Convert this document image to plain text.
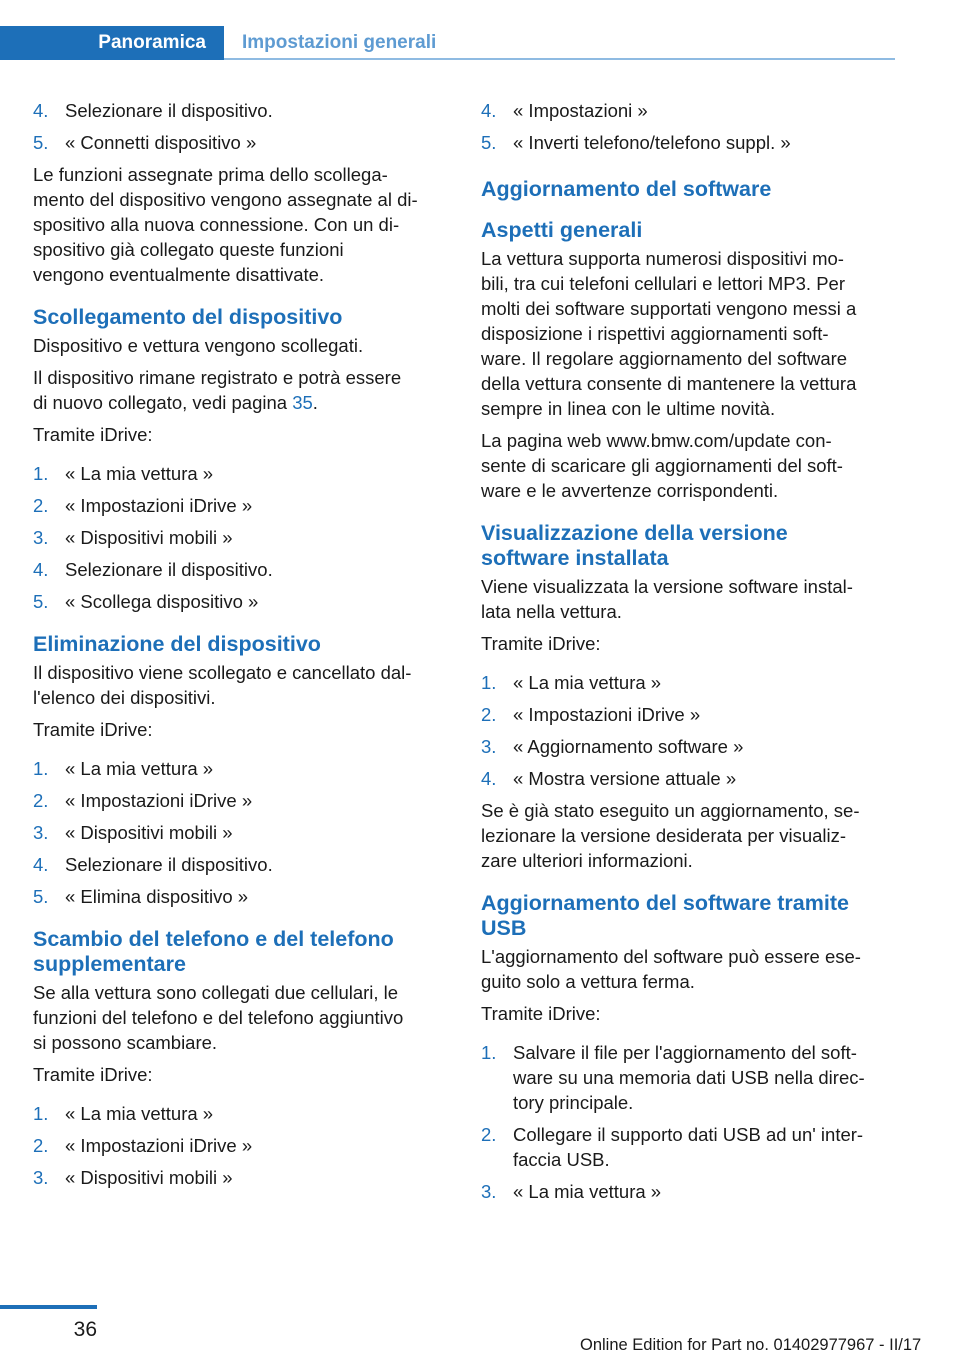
Panoramica	Impostazioni generali
4. Selezionare il dispositivo.
5. « Connetti dispositivo »
Le funzioni assegnate prima dello scollega-
mento del dispositivo vengono assegnate al di-
spositivo alla nuova connessione. Con un di-
spositivo già collegato queste funzioni
vengono eventualmente disattivate.
Scollegamento del dispositivo
Dispositivo e vettura vengono scollegati.
Il dispositivo rimane registrato e potrà essere
di nuovo collegato, vedi pagina 35.
Tramite iDrive:
1. « La mia vettura »
2. « Impostazioni iDrive »
3. « Dispositivi mobili »
4. Selezionare il dispositivo.
5. « Scollega dispositivo »
Eliminazione del dispositivo
Il dispositivo viene scollegato e cancellato dal-
l'elenco dei dispositivi.
Tramite iDrive:
1. « La mia vettura »
2. « Impostazioni iDrive »
3. « Dispositivi mobili »
4. Selezionare il dispositivo.
5. « Elimina dispositivo »
Scambio del telefono e del telefono
supplementare
Se alla vettura sono collegati due cellulari, le
funzioni del telefono e del telefono aggiuntivo
si possono scambiare.
Tramite iDrive:
1. « La mia vettura »
2. « Impostazioni iDrive »
3. « Dispositivi mobili »
4. « Impostazioni »
5. « Inverti telefono/telefono suppl. »
Aggiornamento del software
Aspetti generali
La vettura supporta numerosi dispositivi mo-
bili, tra cui telefoni cellulari e lettori MP3. Per
molti dei software supportati vengono messi a
disposizione i rispettivi aggiornamenti soft-
ware. Il regolare aggiornamento del software
della vettura consente di mantenere la vettura
sempre in linea con le ultime novità.
La pagina web www.bmw.com/update con-
sente di scaricare gli aggiornamenti del soft-
ware e le avvertenze corrispondenti.
Visualizzazione della versione
software installata
Viene visualizzata la versione software instal-
lata nella vettura.
Tramite iDrive:
1. « La mia vettura »
2. « Impostazioni iDrive »
3. « Aggiornamento software »
4. « Mostra versione attuale »
Se è già stato eseguito un aggiornamento, se-
lezionare la versione desiderata per visualiz-
zare ulteriori informazioni.
Aggiornamento del software tramite
USB
L'aggiornamento del software può essere ese-
guito solo a vettura ferma.
Tramite iDrive:
1. Salvare il file per l'aggiornamento del soft-
ware su una memoria dati USB nella direc-
tory principale.
2. Collegare il supporto dati USB ad un' inter-
faccia USB.
3. « La mia vettura »
36
Online Edition for Part no. 01402977967 - II/17
